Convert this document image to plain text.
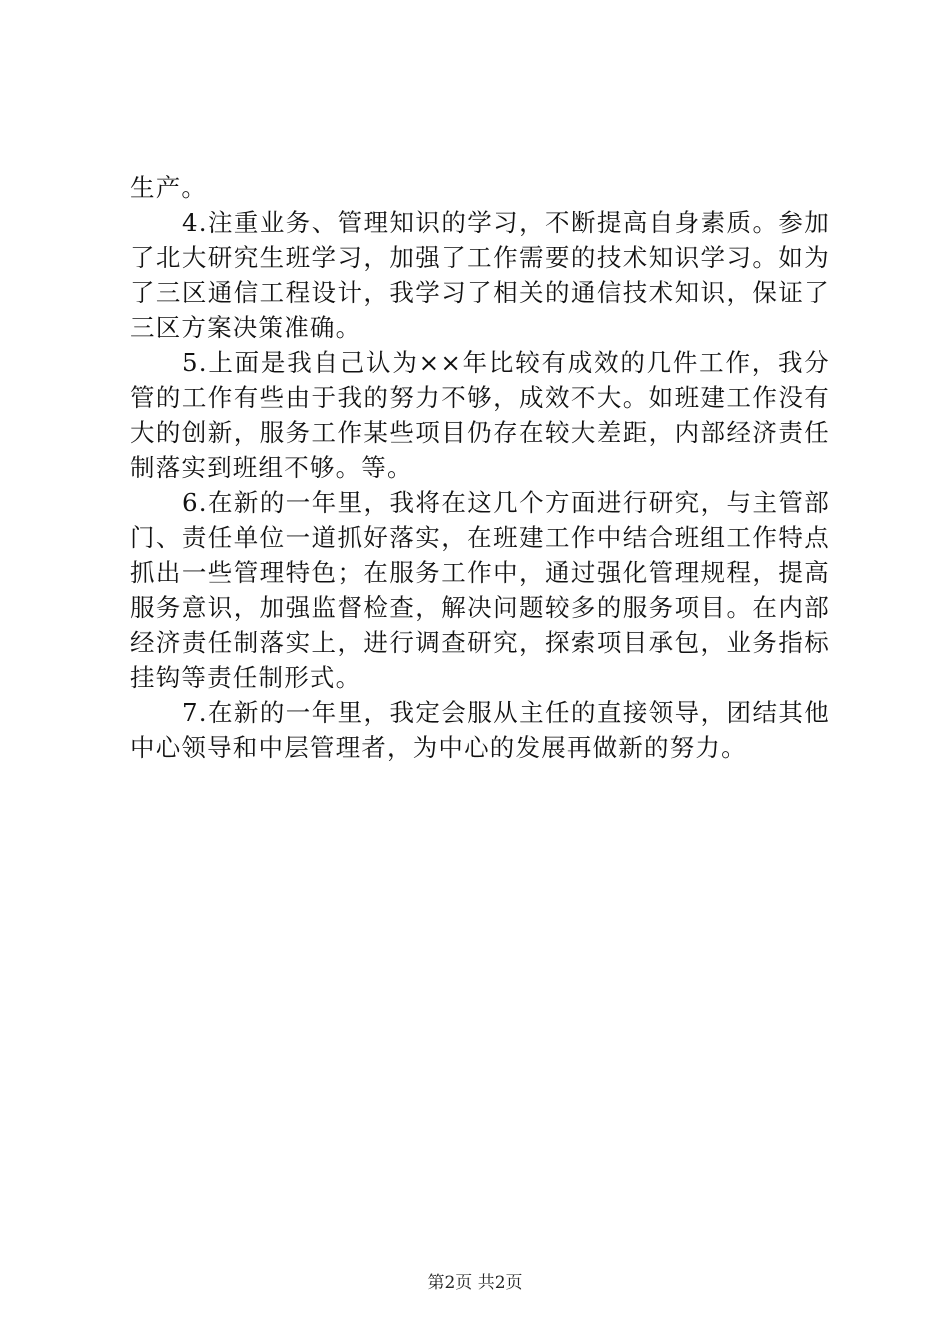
生产。

4.注重业务、管理知识的学习，不断提高自身素质。参加了北大研究生班学习，加强了工作需要的技术知识学习。如为了三区通信工程设计，我学习了相关的通信技术知识，保证了三区方案决策准确。

5.上面是我自己认为××年比较有成效的几件工作，我分管的工作有些由于我的努力不够，成效不大。如班建工作没有大的创新，服务工作某些项目仍存在较大差距，内部经济责任制落实到班组不够。等。

6.在新的一年里，我将在这几个方面进行研究，与主管部门、责任单位一道抓好落实，在班建工作中结合班组工作特点抓出一些管理特色；在服务工作中，通过强化管理规程，提高服务意识，加强监督检查，解决问题较多的服务项目。在内部经济责任制落实上，进行调查研究，探索项目承包，业务指标挂钩等责任制形式。

7.在新的一年里，我定会服从主任的直接领导，团结其他中心领导和中层管理者，为中心的发展再做新的努力。

第2页 共2页
